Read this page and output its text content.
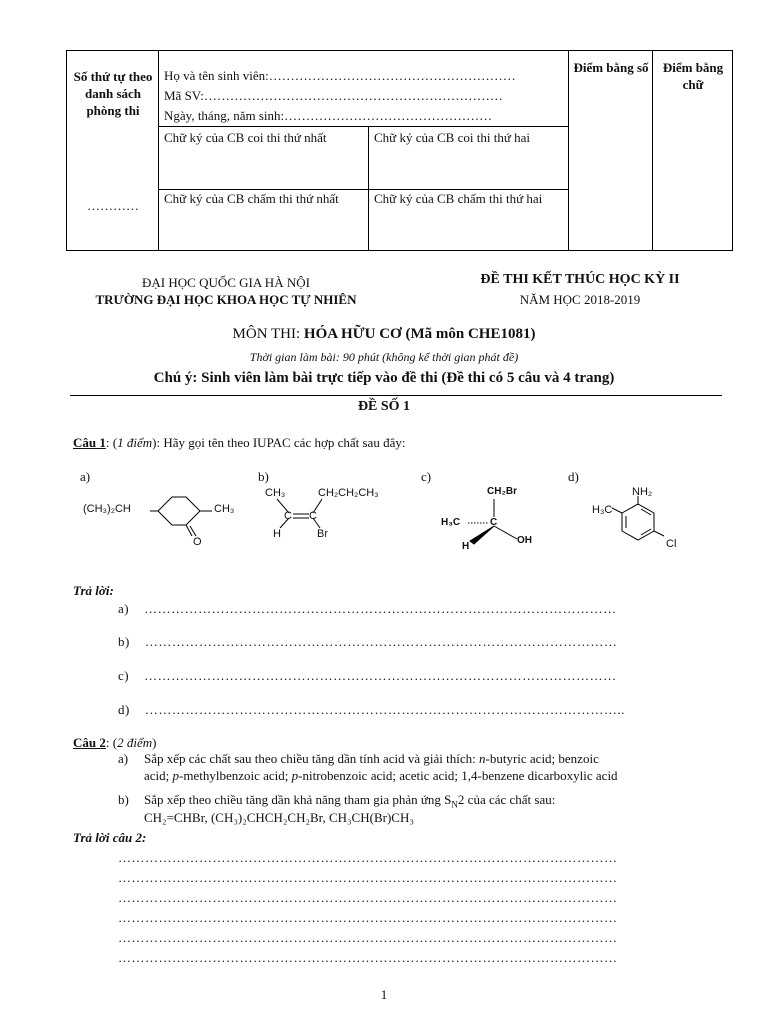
Số thứ tự theo danh sách phòng thi
…………
Họ và tên sinh viên:…………………………………………………
Mã SV:……………………………………………………………
Ngày, tháng, năm sinh:…………………………………………
Chữ ký của CB coi thi thứ nhất	Chữ ký của CB coi thi thứ hai
Chữ ký của CB chấm thi thứ nhất	Chữ ký của CB chấm thi thứ hai
Điểm bằng số	Điểm bằng chữ
ĐẠI HỌC QUỐC GIA HÀ NỘI
TRƯỜNG ĐẠI HỌC KHOA HỌC TỰ NHIÊN
ĐỀ THI KẾT THÚC HỌC KỲ II
NĂM HỌC 2018-2019
MÔN THI: HÓA HỮU CƠ (Mã môn CHE1081)
Thời gian làm bài: 90 phút (không kể thời gian phát đề)
Chú ý: Sinh viên làm bài trực tiếp vào đề thi (Đề thi có 5 câu và 4 trang)
ĐỀ SỐ 1
Câu 1: (1 điểm): Hãy gọi tên theo IUPAC các hợp chất sau đây:
a)	b)	c)	d)
(CH₃)₂CH	CH₃
O
CH₃	CH₂CH₂CH₃
C C
H	Br
CH₂Br
H₃C	C
H
OH
NH₂
H₃C
Cl
Trả lời:
a) ……………………………………………………………………………………………
b) ……………………………………………………………………………………………
c) ……………………………………………………………………………………………
d) ……………………………………………………………………………………………..
Câu 2: (2 điểm)
a) Sắp xếp các chất sau theo chiều tăng dần tính acid và giải thích: n-butyric acid; benzoic
acid; p-methylbenzoic acid; p-nitrobenzoic acid; acetic acid; 1,4-benzene dicarboxylic acid
b) Sắp xếp theo chiều tăng dần khả năng tham gia phản ứng $S_N2$ của các chất sau:
CH₂=CHBr, (CH₃)₂CHCH₂CH₂Br, CH₃CH(Br)CH₃
Trả lời câu 2:
…………………………………………………………………………………………………
…………………………………………………………………………………………………
…………………………………………………………………………………………………
…………………………………………………………………………………………………
…………………………………………………………………………………………………
…………………………………………………………………………………………………
1
